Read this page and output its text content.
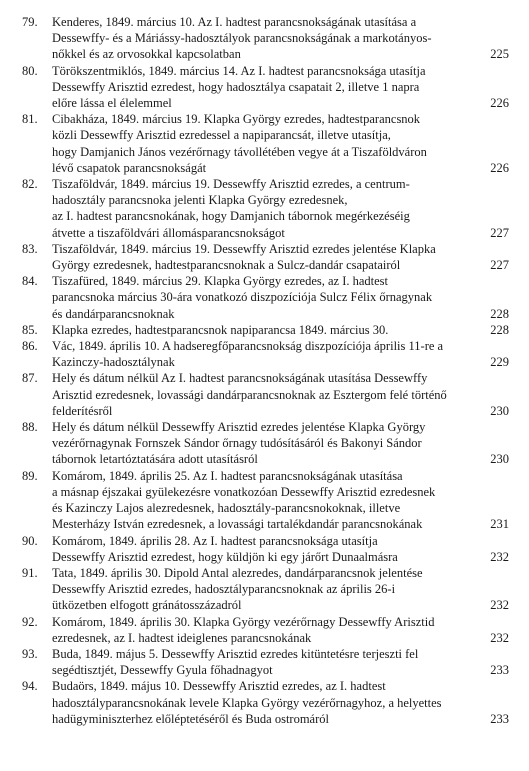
79. Kenderes, 1849. március 10. Az I. hadtest parancsnokságának utasítása a
Dessewffy- és a Máriássy-hadosztályok parancsnokságának a markotányos-
nőkkel és az orvosokkal kapcsolatban	225
80. Törökszentmiklós, 1849. március 14. Az I. hadtest parancsnoksága utasítja
Dessewffy Arisztid ezredest, hogy hadosztálya csapatait 2, illetve 1 napra
előre lássa el élelemmel	226
81. Cibakháza, 1849. március 19. Klapka György ezredes, hadtestparancsnok
közli Dessewffy Arisztid ezredessel a napiparancsát, illetve utasítja,
hogy Damjanich János vezérőrnagy távollétében vegye át a Tiszaföldváron
lévő csapatok parancsnokságát	226
82. Tiszaföldvár, 1849. március 19. Dessewffy Arisztid ezredes, a centrum-
hadosztály parancsnoka jelenti Klapka György ezredesnek,
az I. hadtest parancsnokának, hogy Damjanich tábornok megérkezéséig
átvette a tiszaföldvári állomásparancsnokságot	227
83. Tiszaföldvár, 1849. március 19. Dessewffy Arisztid ezredes jelentése Klapka
György ezredesnek, hadtestparancsnoknak a Sulcz-dandár csapatairól	227
84. Tiszafüred, 1849. március 29. Klapka György ezredes, az I. hadtest
parancsnoka március 30-ára vonatkozó diszpozíciója Sulcz Félix őrnagynak
és dandárparancsnoknak	228
85. Klapka ezredes, hadtestparancsnok napiparancsa 1849. március 30.	228
86. Vác, 1849. április 10. A hadseregfőparancsnokság diszpozíciója április 11-re a
Kazinczy-hadosztálynak	229
87. Hely és dátum nélkül Az I. hadtest parancsnokságának utasítása Dessewffy
Arisztid ezredesnek, lovassági dandárparancsnoknak az Esztergom felé történő
felderítésről	230
88. Hely és dátum nélkül Dessewffy Arisztid ezredes jelentése Klapka György
vezérőrnagynak Fornszek Sándor őrnagy tudósításáról és Bakonyi Sándor
tábornok letartóztatására adott utasításról	230
89. Komárom, 1849. április 25. Az I. hadtest parancsnokságának utasítása
a másnap éjszakai gyülekezésre vonatkozóan Dessewffy Arisztid ezredesnek
és Kazinczy Lajos alezredesnek, hadosztály-parancsnokoknak, illetve
Mesterházy István ezredesnek, a lovassági tartalékdandár parancsnokának	231
90. Komárom, 1849. április 28. Az I. hadtest parancsnoksága utasítja
Dessewffy Arisztid ezredest, hogy küldjön ki egy járőrt Dunaalmásra	232
91. Tata, 1849. április 30. Dipold Antal alezredes, dandárparancsnok jelentése
Dessewffy Arisztid ezredes, hadosztályparancsnoknak az április 26-i
ütközetben elfogott gránátosszázadról	232
92. Komárom, 1849. április 30. Klapka György vezérőrnagy Dessewffy Arisztid
ezredesnek, az I. hadtest ideiglenes parancsnokának	232
93. Buda, 1849. május 5. Dessewffy Arisztid ezredes kitüntetésre terjeszti fel
segédtisztjét, Dessewffy Gyula főhadnagyot	233
94. Budaörs, 1849. május 10. Dessewffy Arisztid ezredes, az I. hadtest
hadosztályparancsnokának levele Klapka György vezérőrnagyhoz, a helyettes
hadügyminiszterhez előléptetéséről és Buda ostromáról	233
